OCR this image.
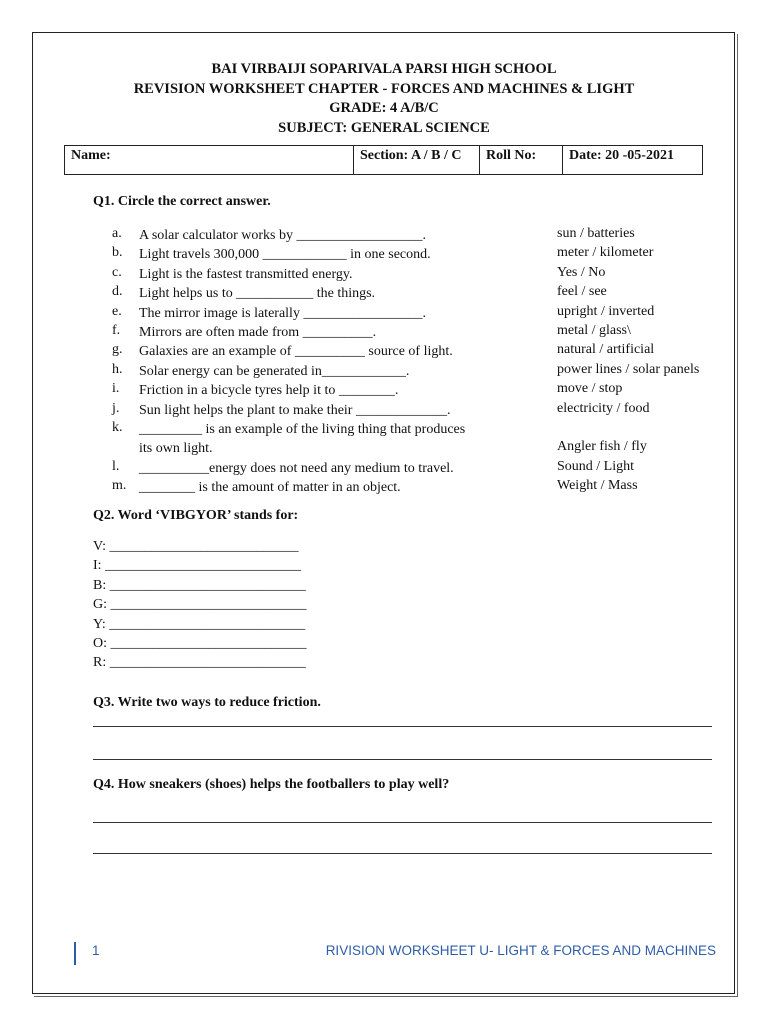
BAI VIRBAIJI SOPARIVALA PARSI HIGH SCHOOL
REVISION WORKSHEET CHAPTER - FORCES AND MACHINES & LIGHT
GRADE: 4 A/B/C
SUBJECT: GENERAL SCIENCE
Name:	Section: A / B / C	Roll No:	Date: 20 -05-2021
Q1. Circle the correct answer.
a. A solar calculator works by __________________.	sun / batteries
b. Light travels 300,000 ____________ in one second.	meter / kilometer
c. Light is the fastest transmitted energy.	Yes / No
d. Light helps us to ___________ the things.	feel / see
e. The mirror image is laterally _________________.	upright / inverted
f. Mirrors are often made from __________.	metal / glass\
g. Galaxies are an example of __________ source of light.	natural / artificial
h. Solar energy can be generated in____________.	power lines / solar panels
i. Friction in a bicycle tyres help it to ________.	move / stop
j. Sun light helps the plant to make their _____________.	electricity / food
k. _________ is an example of the living thing that produces
its own light.	Angler fish / fly
l. __________energy does not need any medium to travel.	Sound / Light
m. ________ is the amount of matter in an object.	Weight / Mass
Q2. Word ‘VIBGYOR’ stands for:
V: ___________________________
I: ____________________________
B: ____________________________
G: ____________________________
Y: ____________________________
O: ____________________________
R: ____________________________
Q3. Write two ways to reduce friction.
Q4. How sneakers (shoes) helps the footballers to play well?
1	RIVISION WORKSHEET U- LIGHT & FORCES AND MACHINES
